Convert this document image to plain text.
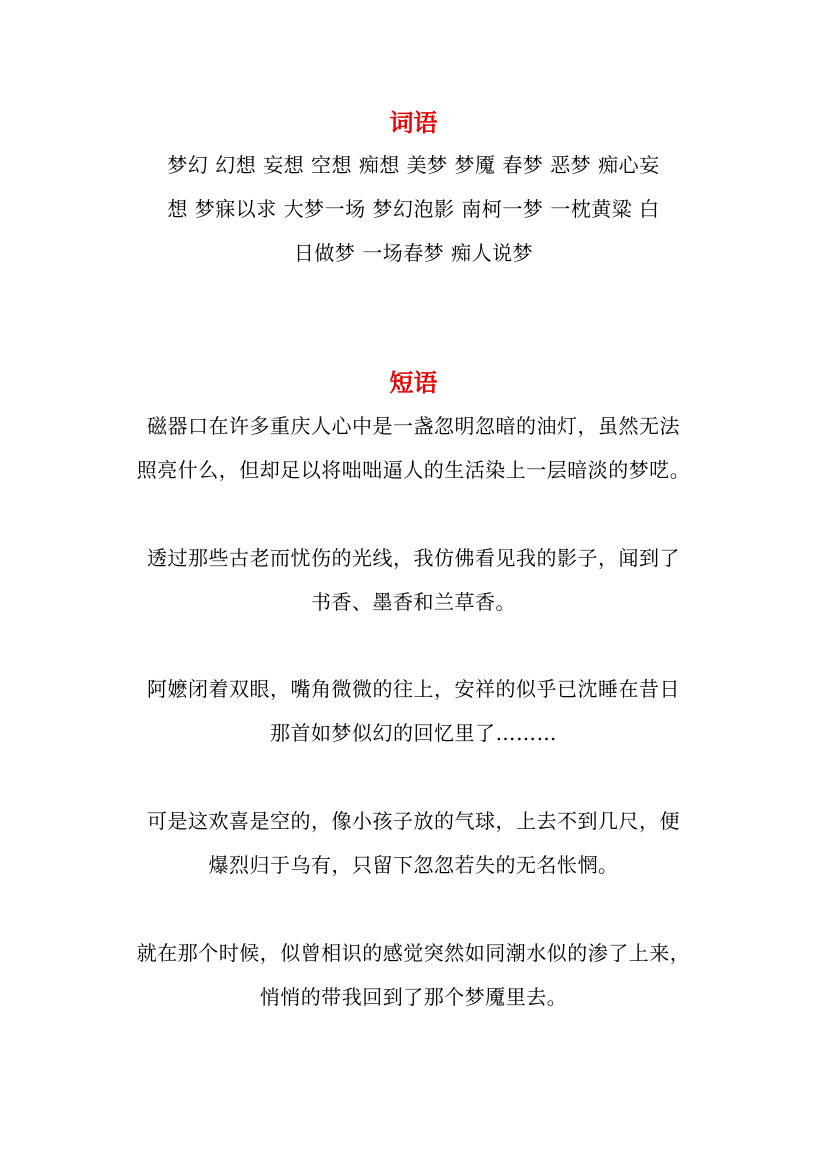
词语
梦幻 幻想 妄想 空想 痴想 美梦 梦魇 春梦 恶梦 痴心妄
想 梦寐以求 大梦一场 梦幻泡影 南柯一梦 一枕黄粱 白
日做梦 一场春梦 痴人说梦
短语
磁器口在许多重庆人心中是一盏忽明忽暗的油灯，虽然无法
照亮什么，但却足以将咄咄逼人的生活染上一层暗淡的梦呓。
透过那些古老而忧伤的光线，我仿佛看见我的影子，闻到了
书香、墨香和兰草香。
阿嬷闭着双眼，嘴角微微的往上，安祥的似乎已沈睡在昔日
那首如梦似幻的回忆里了………
可是这欢喜是空的，像小孩子放的气球，上去不到几尺，便
爆烈归于乌有，只留下忽忽若失的无名怅惘。
就在那个时候，似曾相识的感觉突然如同潮水似的渗了上来，
悄悄的带我回到了那个梦魇里去。
